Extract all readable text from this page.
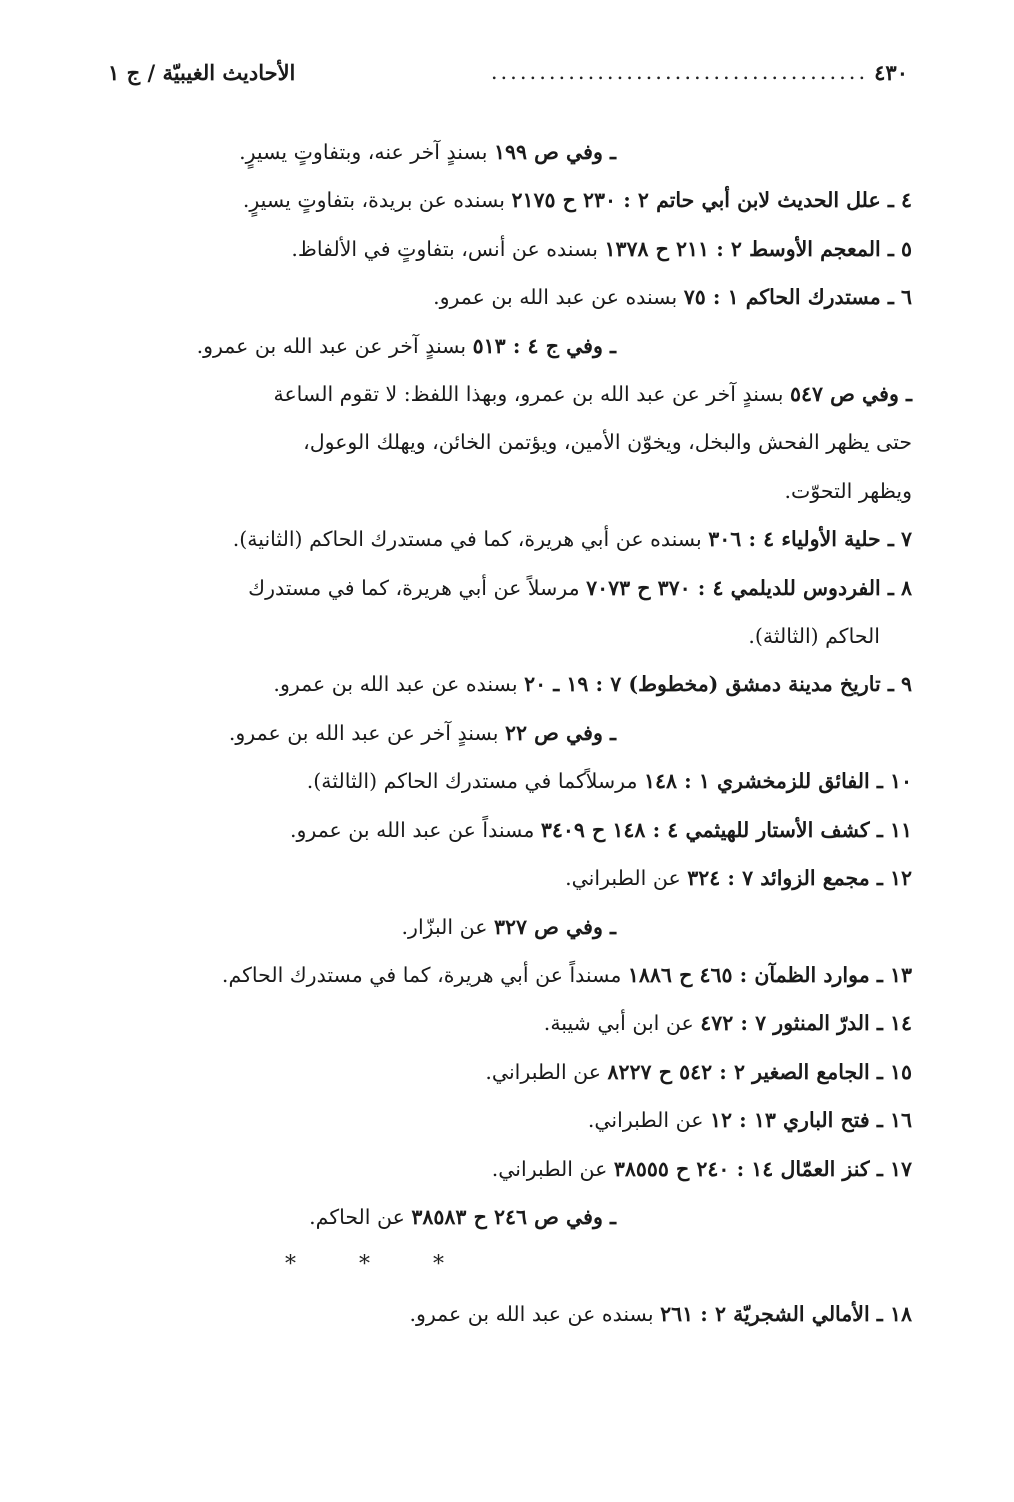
٤٣٠
.......................................
الأحاديث الغيبيّة / ج ١
ـ وفي ص ١٩٩ بسندٍ آخر عنه، وبتفاوتٍ يسيرٍ.
٤ ـ علل الحديث لابن أبي حاتم ٢ : ٢٣٠ ح ٢١٧٥ بسنده عن بريدة، بتفاوتٍ يسيرٍ.
٥ ـ المعجم الأوسط ٢ : ٢١١ ح ١٣٧٨ بسنده عن أنس، بتفاوتٍ في الألفاظ.
٦ ـ مستدرك الحاكم ١ : ٧٥ بسنده عن عبد الله بن عمرو.
ـ وفي ج ٤ : ٥١٣ بسندٍ آخر عن عبد الله بن عمرو.
ـ وفي ص ٥٤٧ بسندٍ آخر عن عبد الله بن عمرو، وبهذا اللفظ: لا تقوم الساعة
حتى يظهر الفحش والبخل، ويخوّن الأمين، ويؤتمن الخائن، ويهلك الوعول،
ويظهر التحوّت.
٧ ـ حلية الأولياء ٤ : ٣٠٦ بسنده عن أبي هريرة، كما في مستدرك الحاكم (الثانية).
٨ ـ الفردوس للديلمي ٤ : ٣٧٠ ح ٧٠٧٣ مرسلاً عن أبي هريرة، كما في مستدرك
الحاكم (الثالثة).
٩ ـ تاريخ مدينة دمشق (مخطوط) ٧ : ١٩ ـ ٢٠ بسنده عن عبد الله بن عمرو.
ـ وفي ص ٢٢ بسندٍ آخر عن عبد الله بن عمرو.
١٠ ـ الفائق للزمخشري ١ : ١٤٨ مرسلاًكما في مستدرك الحاكم (الثالثة).
١١ ـ كشف الأستار للهيثمي ٤ : ١٤٨ ح ٣٤٠٩ مسنداً عن عبد الله بن عمرو.
١٢ ـ مجمع الزوائد ٧ : ٣٢٤ عن الطبراني.
ـ وفي ص ٣٢٧ عن البزّار.
١٣ ـ موارد الظمآن : ٤٦٥ ح ١٨٨٦ مسنداً عن أبي هريرة، كما في مستدرك الحاكم.
١٤ ـ الدرّ المنثور ٧ : ٤٧٢ عن ابن أبي شيبة.
١٥ ـ الجامع الصغير ٢ : ٥٤٢ ح ٨٢٢٧ عن الطبراني.
١٦ ـ فتح الباري ١٣ : ١٢ عن الطبراني.
١٧ ـ كنز العمّال ١٤ : ٢٤٠ ح ٣٨٥٥٥ عن الطبراني.
ـ وفي ص ٢٤٦ ح ٣٨٥٨٣ عن الحاكم.
* * *
١٨ ـ الأمالي الشجريّة ٢ : ٢٦١ بسنده عن عبد الله بن عمرو.
